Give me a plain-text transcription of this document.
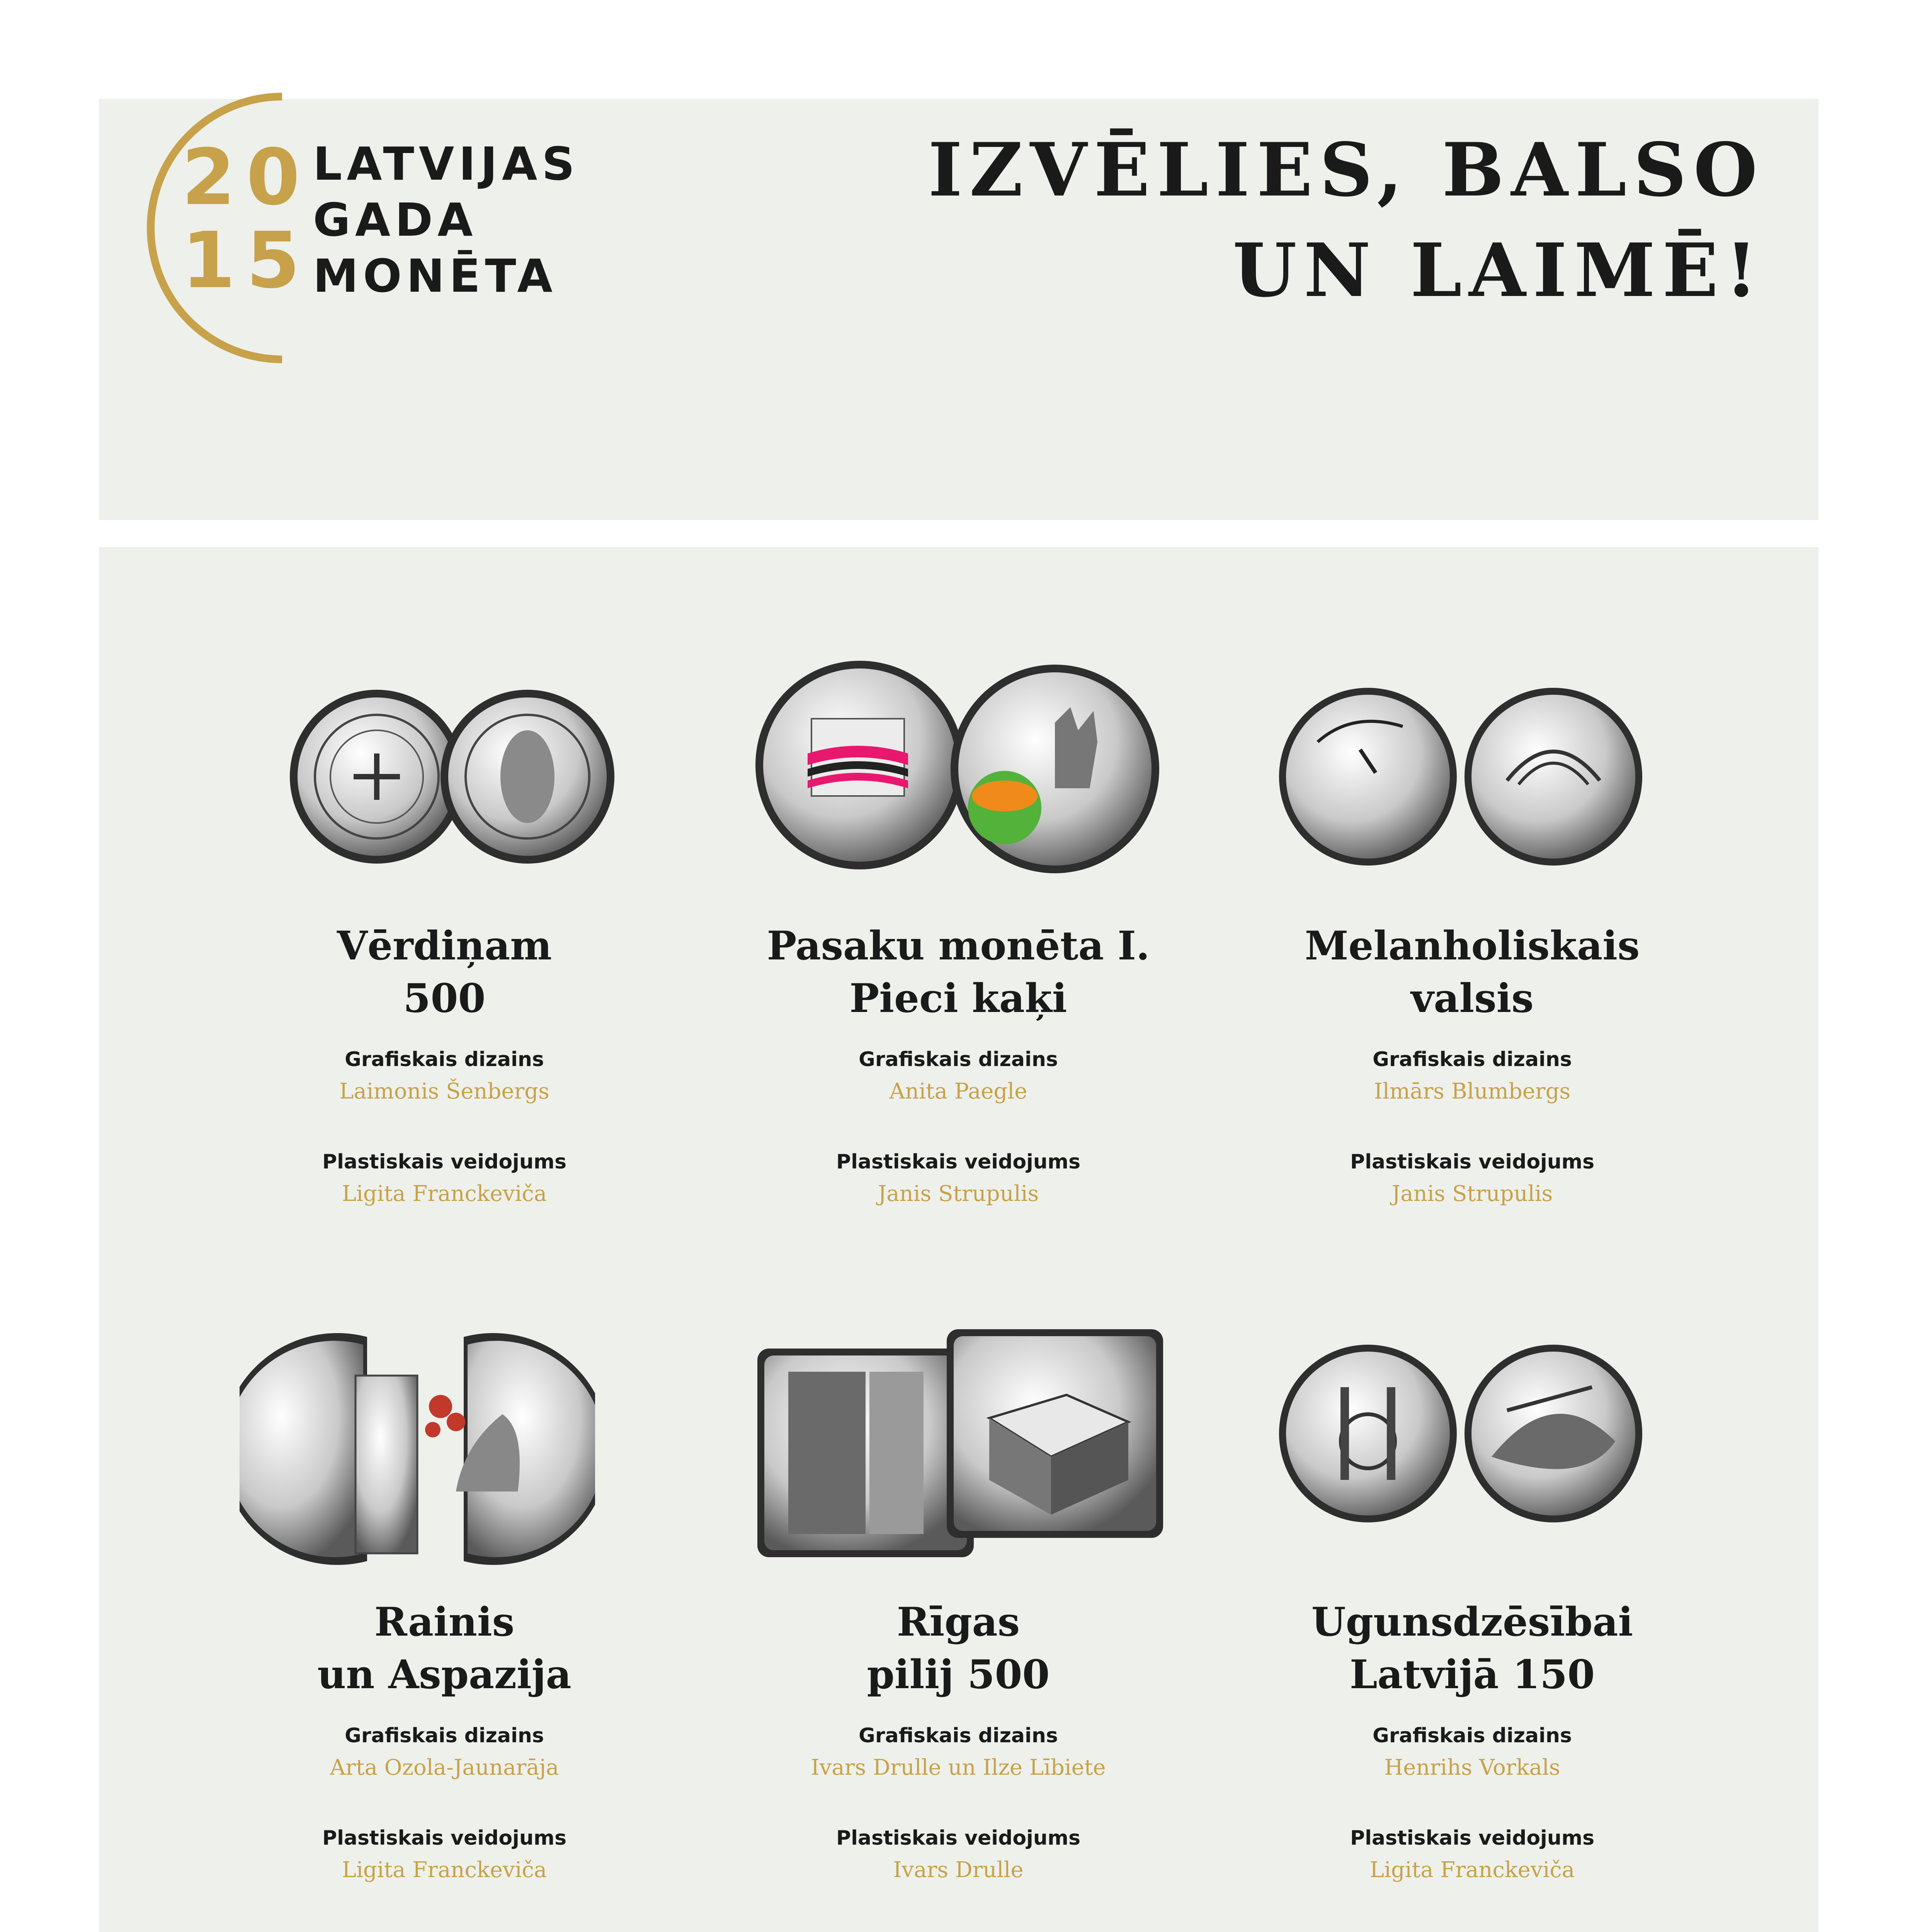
20
15
LATVIJAS
GADA
MONĒTA
IZVĒLIES, BALSO
UN LAIMĒ!
Vērdiņam
500
Grafiskais dizains
Laimonis Šenbergs
Plastiskais veidojums
Ligita Franckeviča
Pasaku monēta I.
Pieci kaķi
Grafiskais dizains
Anita Paegle
Plastiskais veidojums
Janis Strupulis
Melanholiskais
valsis
Grafiskais dizains
Ilmārs Blumbergs
Plastiskais veidojums
Janis Strupulis
Rainis
un Aspazija
Grafiskais dizains
Arta Ozola-Jaunarāja
Plastiskais veidojums
Ligita Franckeviča
Rīgas
pilij 500
Grafiskais dizains
Ivars Drulle un Ilze Lībiete
Plastiskais veidojums
Ivars Drulle
Ugunsdzēsībai
Latvijā 150
Grafiskais dizains
Henrihs Vorkals
Plastiskais veidojums
Ligita Franckeviča
